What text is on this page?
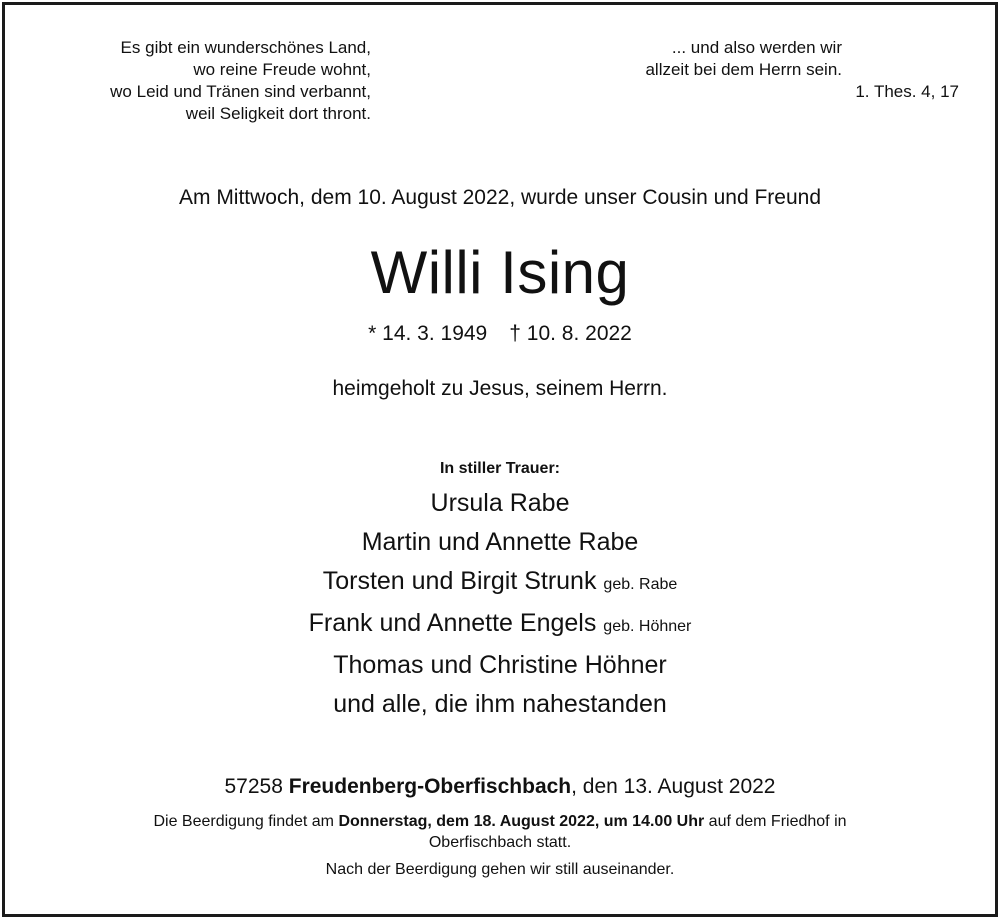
Es gibt ein wunderschönes Land,
wo reine Freude wohnt,
wo Leid und Tränen sind verbannt,
weil Seligkeit dort thront.
... und also werden wir
allzeit bei dem Herrn sein.
1. Thes. 4, 17
Am Mittwoch, dem 10. August 2022, wurde unser Cousin und Freund
Willi Ising
* 14. 3. 1949 † 10. 8. 2022
heimgeholt zu Jesus, seinem Herrn.
In stiller Trauer:
Ursula Rabe
Martin und Annette Rabe
Torsten und Birgit Strunk geb. Rabe
Frank und Annette Engels geb. Höhner
Thomas und Christine Höhner
und alle, die ihm nahestanden
57258 Freudenberg-Oberfischbach, den 13. August 2022
Die Beerdigung findet am Donnerstag, dem 18. August 2022, um 14.00 Uhr auf dem Friedhof in
Oberfischbach statt.
Nach der Beerdigung gehen wir still auseinander.
